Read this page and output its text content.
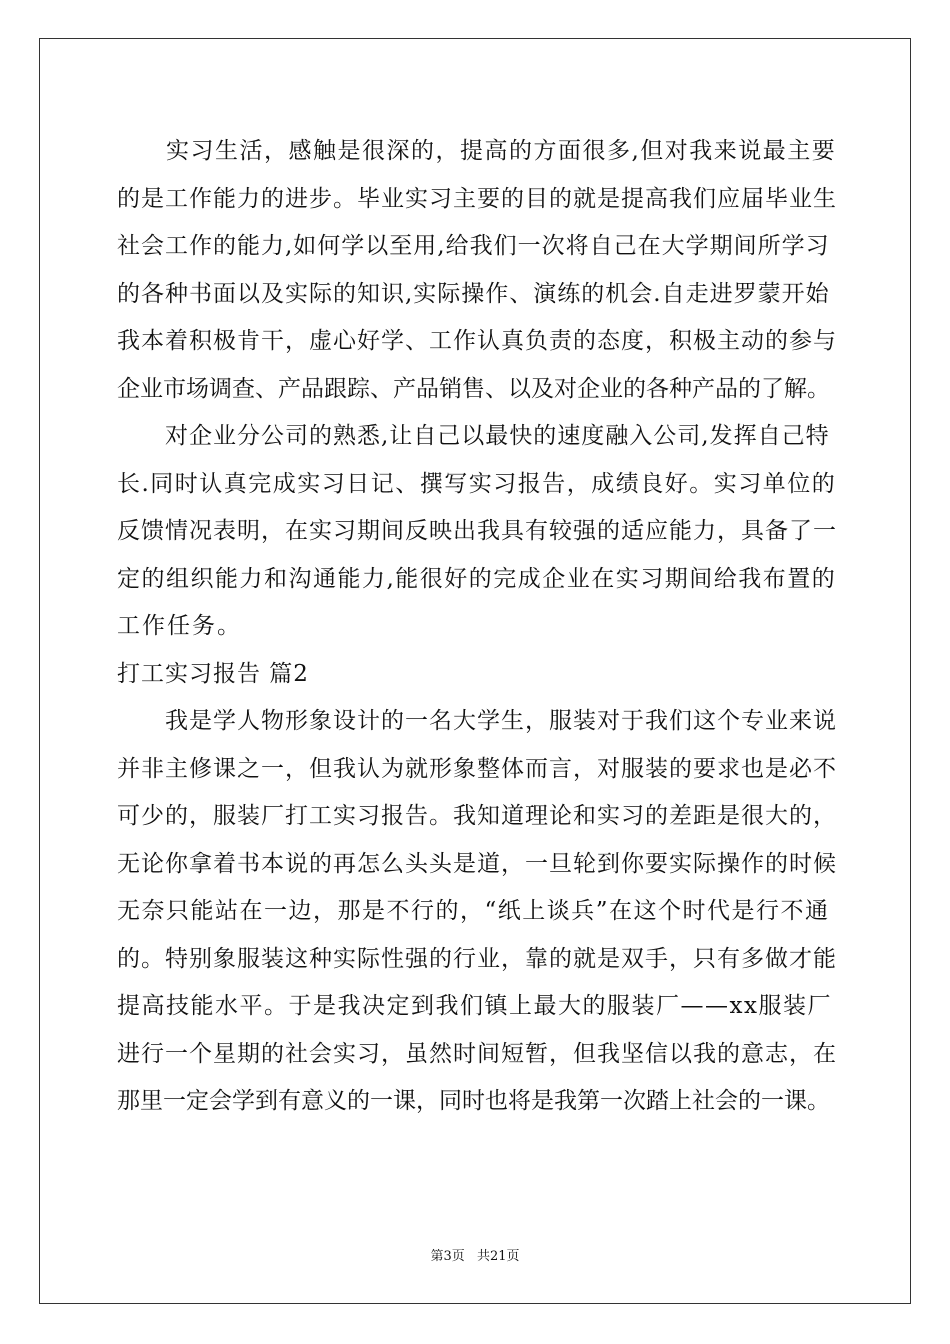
　　实习生活，感触是很深的，提高的方面很多,但对我来说最主要
的是工作能力的进步。毕业实习主要的目的就是提高我们应届毕业生
社会工作的能力,如何学以至用,给我们一次将自己在大学期间所学习
的各种书面以及实际的知识,实际操作、演练的机会.自走进罗蒙开始
我本着积极肯干，虚心好学、工作认真负责的态度，积极主动的参与
企业市场调查、产品跟踪、产品销售、以及对企业的各种产品的了解。
　　对企业分公司的熟悉,让自己以最快的速度融入公司,发挥自己特
长.同时认真完成实习日记、撰写实习报告，成绩良好。实习单位的
反馈情况表明，在实习期间反映出我具有较强的适应能力，具备了一
定的组织能力和沟通能力,能很好的完成企业在实习期间给我布置的
工作任务。
打工实习报告 篇2
　　我是学人物形象设计的一名大学生，服装对于我们这个专业来说
并非主修课之一，但我认为就形象整体而言，对服装的要求也是必不
可少的，服装厂打工实习报告。我知道理论和实习的差距是很大的，
无论你拿着书本说的再怎么头头是道，一旦轮到你要实际操作的时候
无奈只能站在一边，那是不行的，“纸上谈兵”在这个时代是行不通
的。特别象服装这种实际性强的行业，靠的就是双手，只有多做才能
提高技能水平。于是我决定到我们镇上最大的服装厂——xx服装厂
进行一个星期的社会实习，虽然时间短暂，但我坚信以我的意志，在
那里一定会学到有意义的一课，同时也将是我第一次踏上社会的一课。
第3页 共21页
